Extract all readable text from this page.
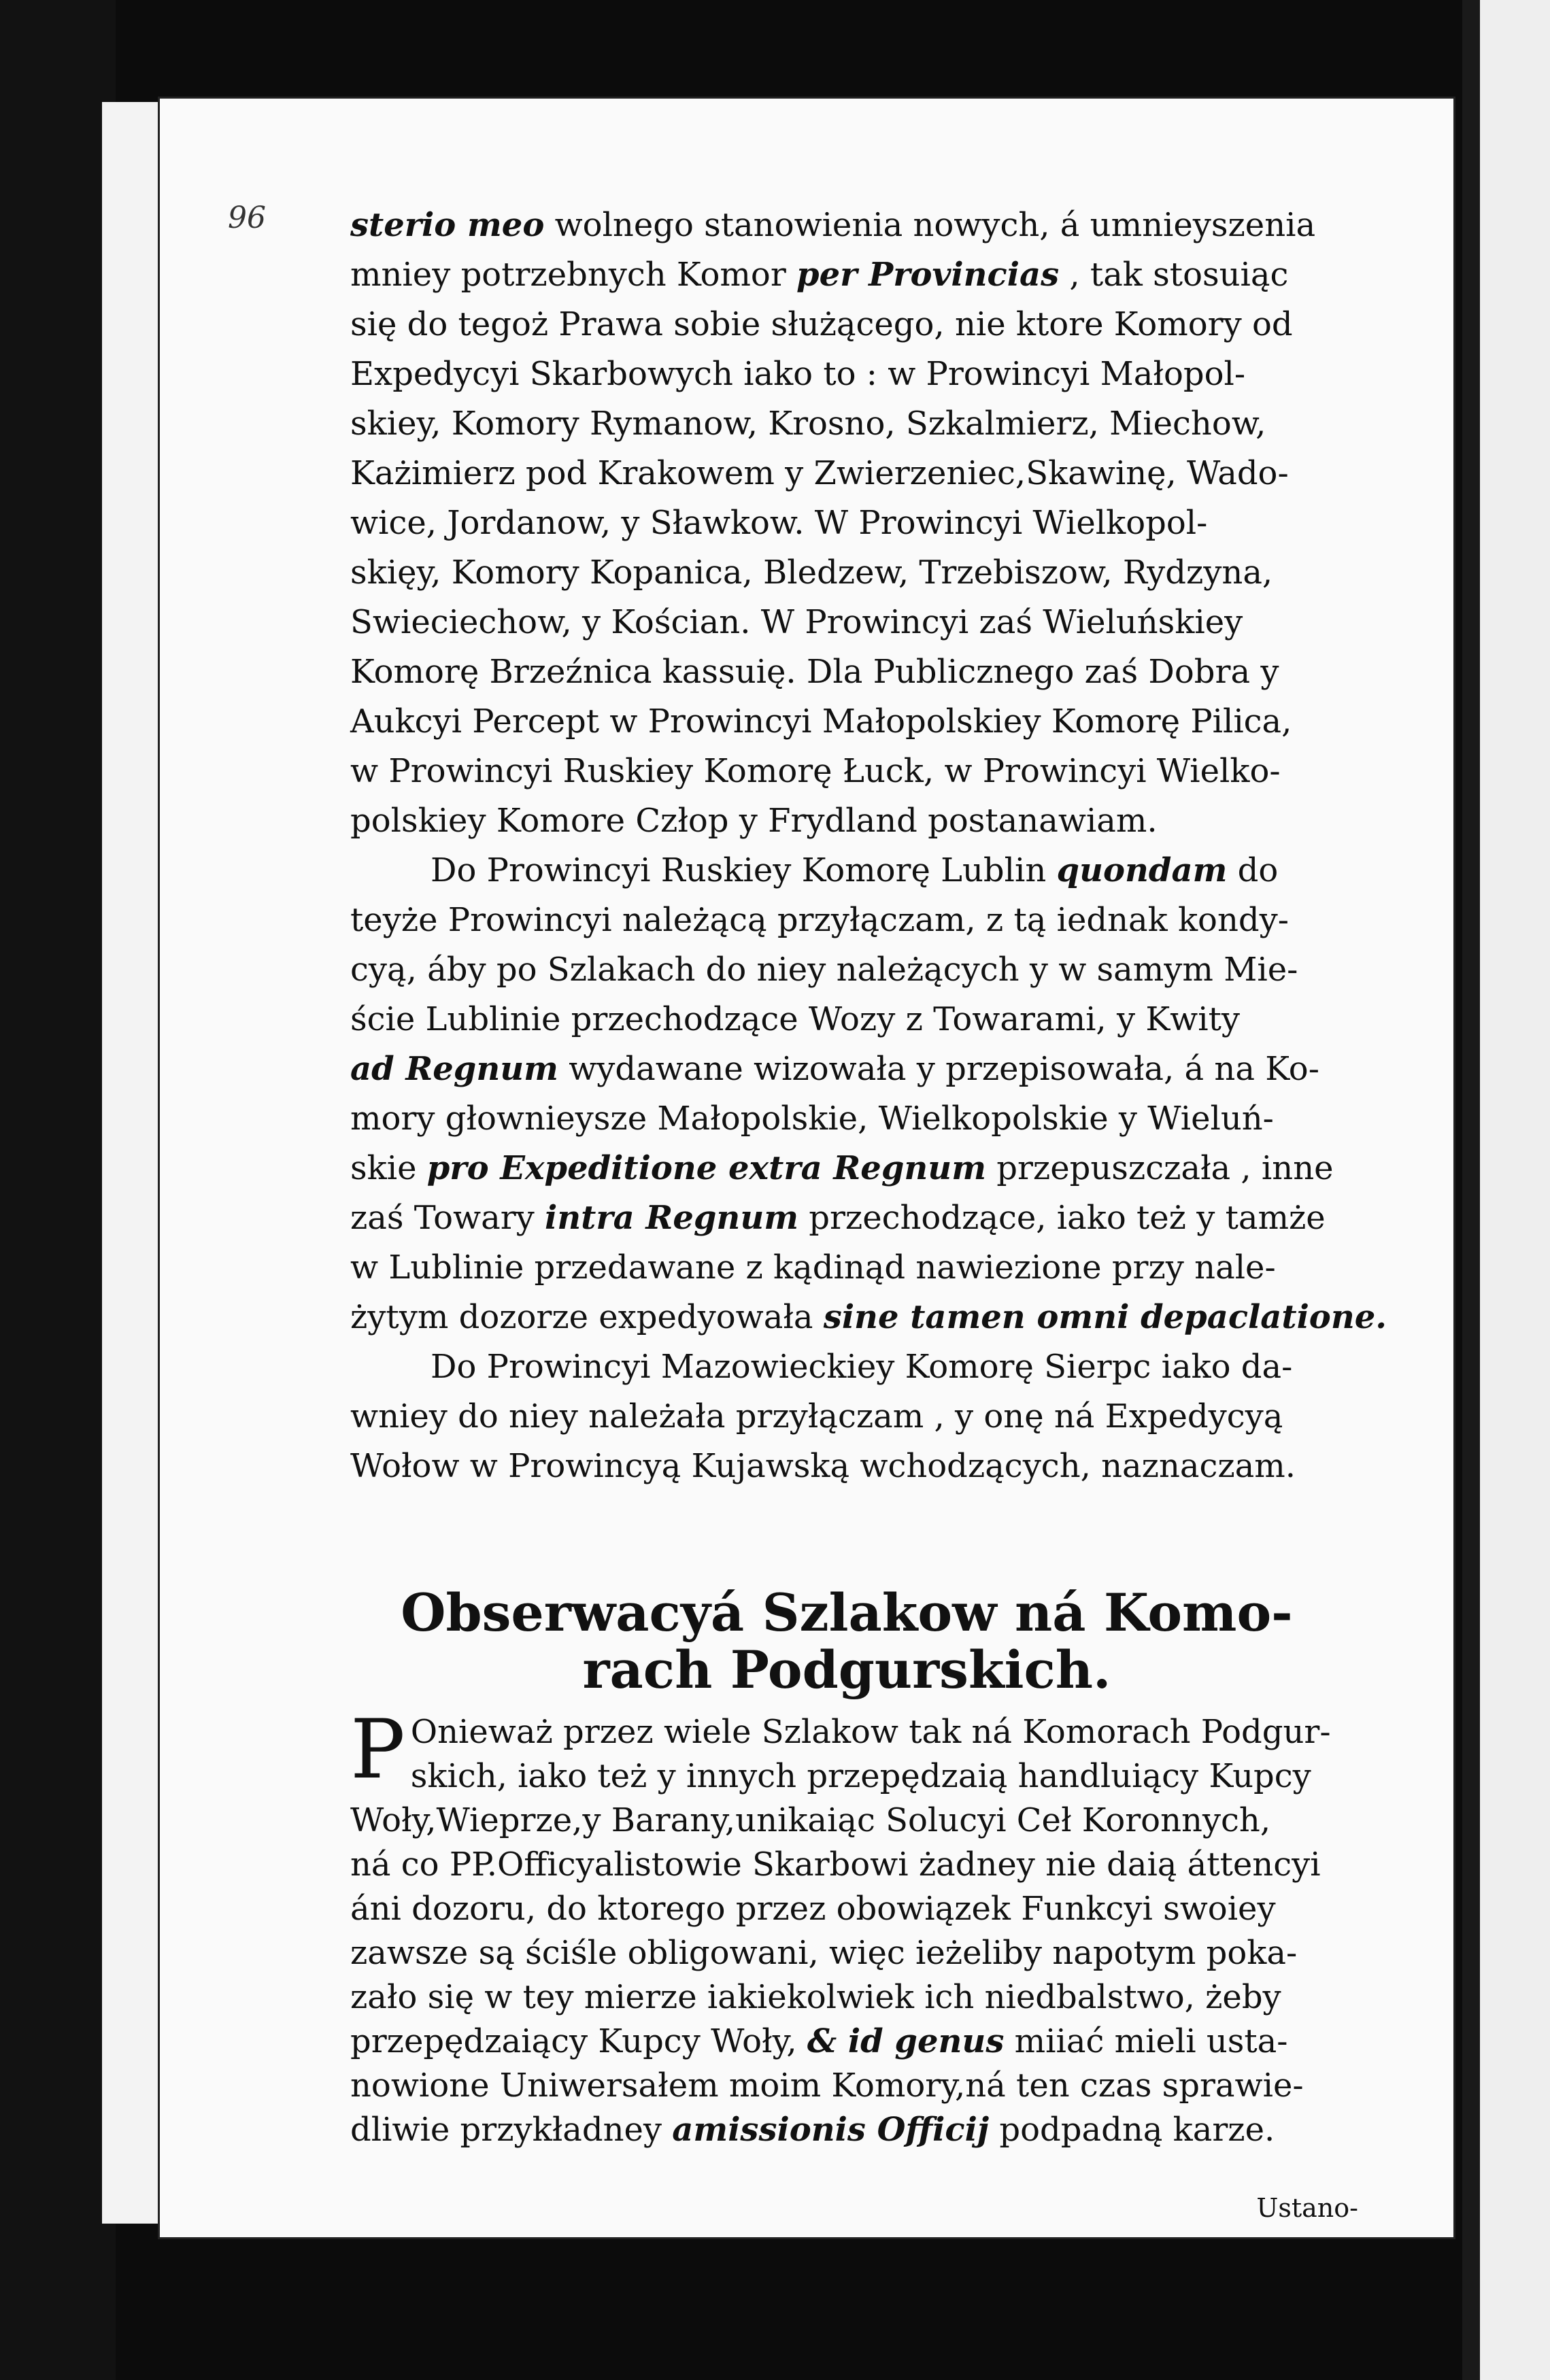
96	sterio meo wolnego stanowienia nowych, á umnieyszenia
mniey potrzebnych Komor per Provincias , tak stosuiąc
się do tegoż Prawa sobie służącego, nie ktore Komory od
Expedycyi Skarbowych iako to : w Prowincyi Małopol-
skiey, Komory Rymanow, Krosno, Szkalmierz, Miechow,
Każimierz pod Krakowem y Zwierzeniec,Skawinę, Wado-
wice, Jordanow, y Sławkow. W Prowincyi Wielkopol-
skięy, Komory Kopanica, Bledzew, Trzebiszow, Rydzyna,
Swieciechow, y Kościan. W Prowincyi zaś Wieluńskiey
Komorę Brzeźnica kassuię. Dla Publicznego zaś Dobra y
Aukcyi Percept w Prowincyi Małopolskiey Komorę Pilica,
w Prowincyi Ruskiey Komorę Łuck, w Prowincyi Wielko-
polskiey Komore Człop y Frydland postanawiam.
Do Prowincyi Ruskiey Komorę Lublin quondam do
teyże Prowincyi należącą przyłączam, z tą iednak kondy-
cyą, áby po Szlakach do niey należących y w samym Mie-
ście Lublinie przechodzące Wozy z Towarami, y Kwity
ad Regnum wydawane wizowała y przepisowała, á na Ko-
mory głownieysze Małopolskie, Wielkopolskie y Wieluń-
skie pro Expeditione extra Regnum przepuszczała , inne
zaś Towary intra Regnum przechodzące, iako też y tamże
w Lublinie przedawane z kądinąd nawiezione przy nale-
żytym dozorze expedyowała sine tamen omni depaclatione.
Do Prowincyi Mazowieckiey Komorę Sierpc iako da-
wniey do niey należała przyłączam , y onę ná Expedycyą
Wołow w Prowincyą Kujawską wchodzących, naznaczam.
Obserwacyá Szlakow ná Komo-
rach Podgurskich.
P Onieważ przez wiele Szlakow tak ná Komorach Podgur-
skich, iako też y innych przepędzaią handluiący Kupcy
Woły,Wieprze,y Barany,unikaiąc Solucyi Ceł Koronnych,
ná co PP.Officyalistowie Skarbowi żadney nie daią áttencyi
áni dozoru, do ktorego przez obowiązek Funkcyi swoiey
zawsze są ściśle obligowani, więc ieżeliby napotym poka-
zało się w tey mierze iakiekolwiek ich niedbalstwo, żeby
przepędzaiący Kupcy Woły, & id genus miiać mieli usta-
nowione Uniwersałem moim Komory,ná ten czas sprawie-
dliwie przykładney amissionis Officij podpadną karze.
Ustano-
